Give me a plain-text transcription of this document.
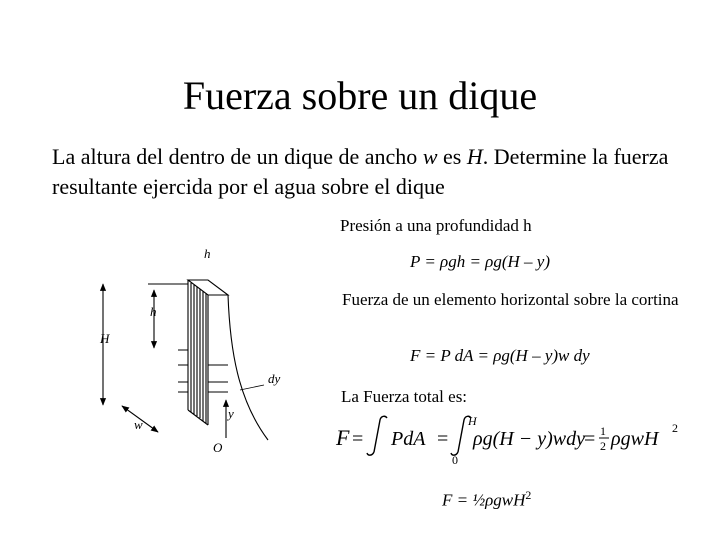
Fuerza sobre un dique
La altura del dentro de un dique de ancho w es H. Determine la fuerza resultante ejercida por el agua sobre el dique
Presión a una profundidad h
P = ρgh = ρg(H – y)
Fuerza de un elemento horizontal sobre la cortina
F = P dA = ρg(H – y)w dy
La Fuerza total es:
F = PdA =
H
0
ρg(H − y)wdy = 1
2 ρgwH 2
F = ½ρgwH$^2$
h
h
H
dy
y
w
O
